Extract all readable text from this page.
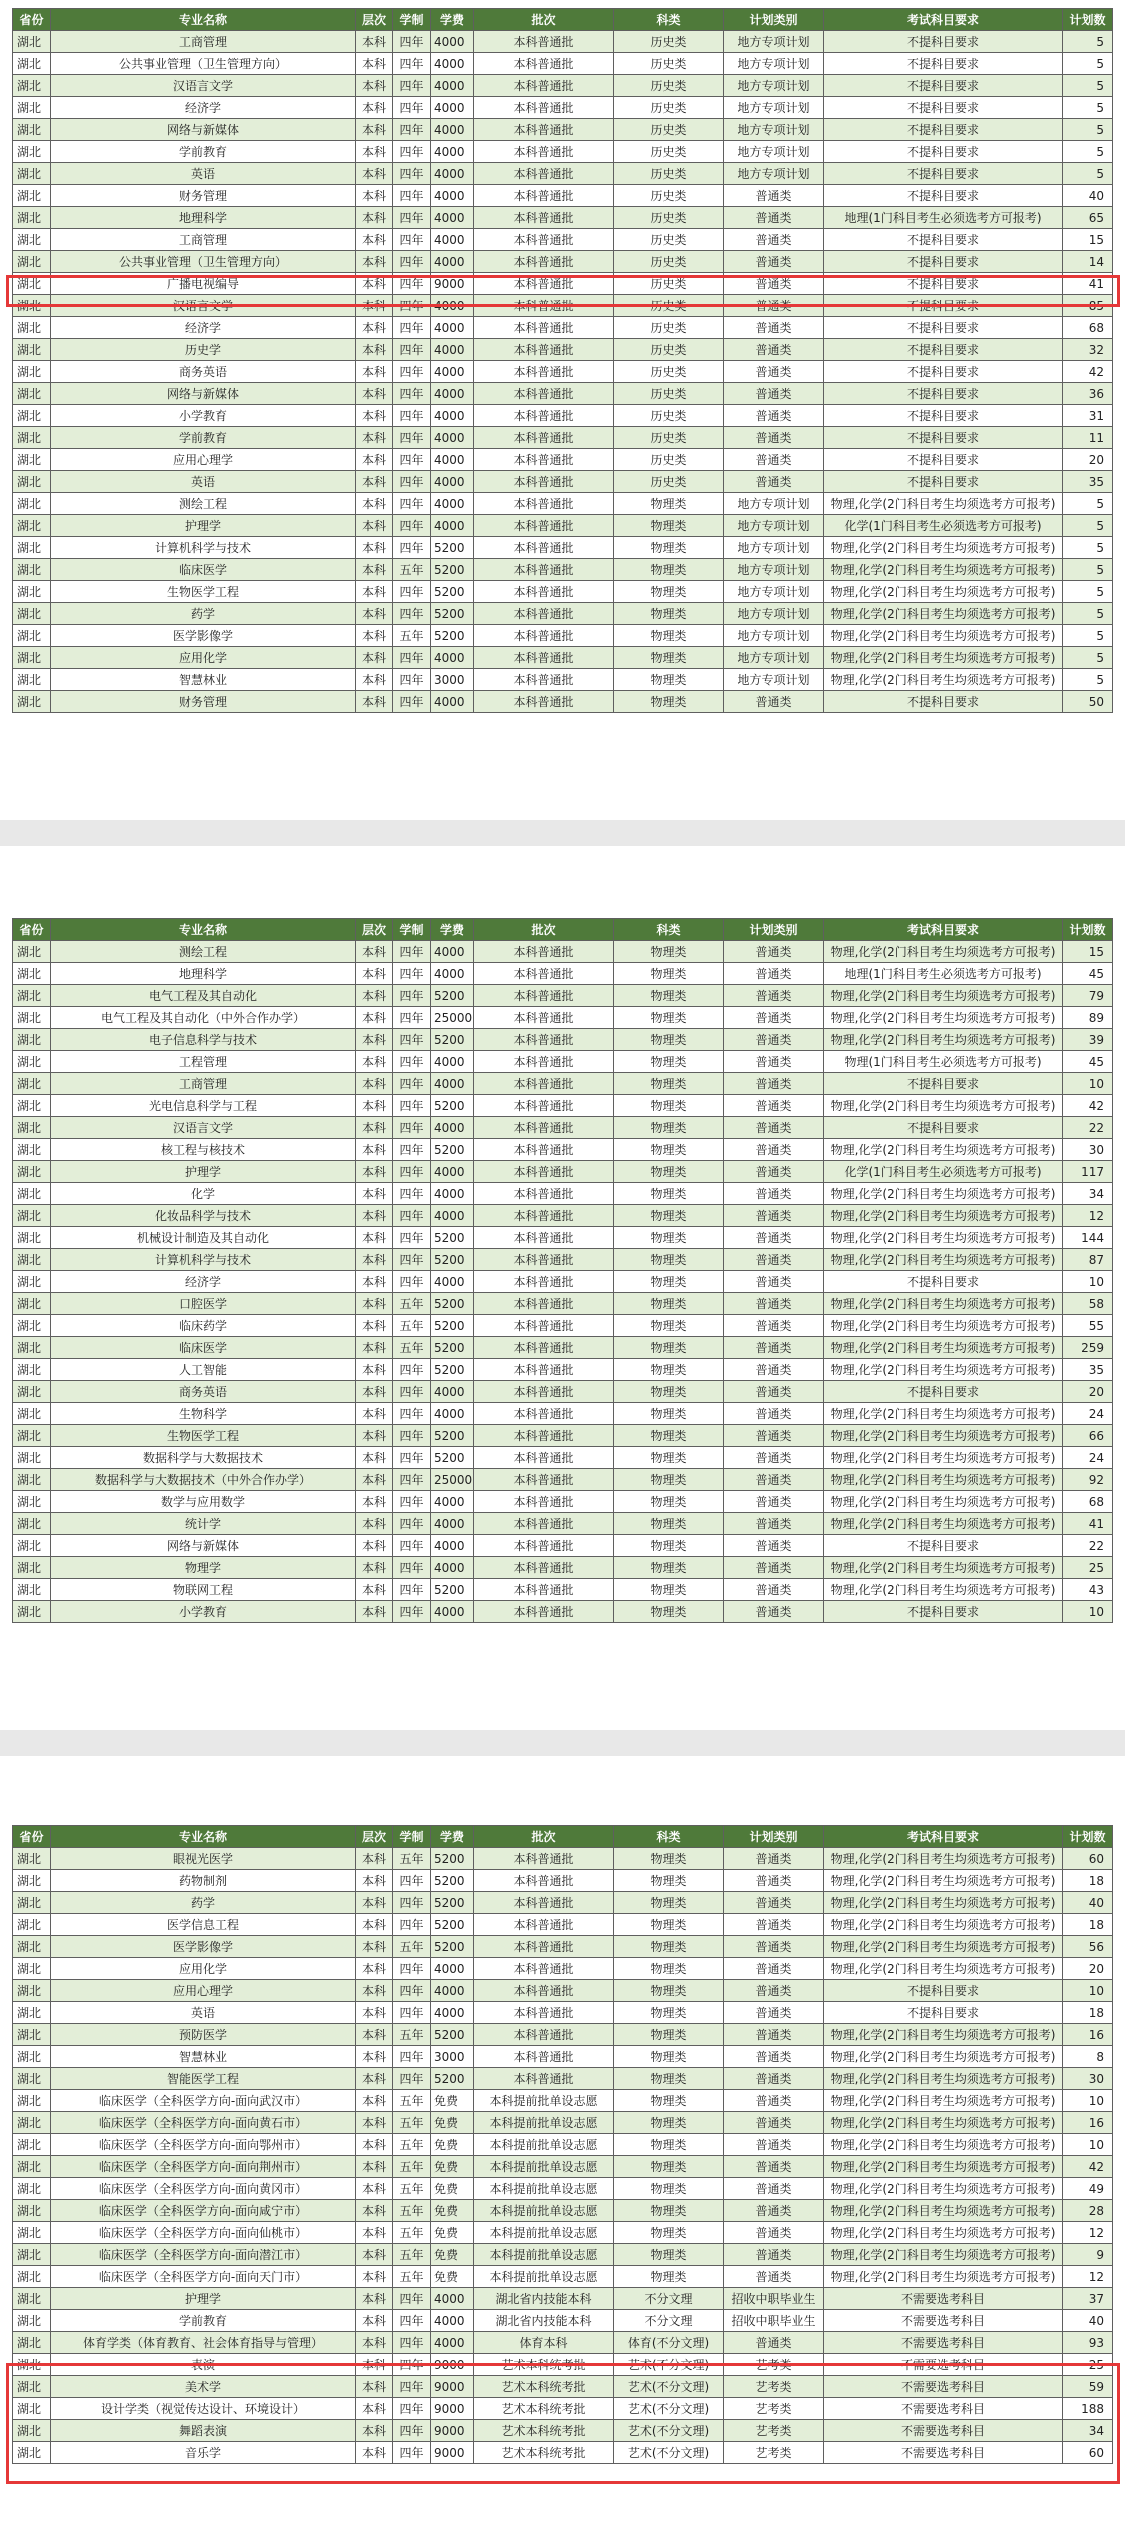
省份	专业名称	层次	学制	学费	批次	科类	计划类别	考试科目要求	计划数
湖北	工商管理	本科	四年	4000	本科普通批	历史类	地方专项计划	不提科目要求	5
湖北	公共事业管理（卫生管理方向）	本科	四年	4000	本科普通批	历史类	地方专项计划	不提科目要求	5
湖北	汉语言文学	本科	四年	4000	本科普通批	历史类	地方专项计划	不提科目要求	5
湖北	经济学	本科	四年	4000	本科普通批	历史类	地方专项计划	不提科目要求	5
湖北	网络与新媒体	本科	四年	4000	本科普通批	历史类	地方专项计划	不提科目要求	5
湖北	学前教育	本科	四年	4000	本科普通批	历史类	地方专项计划	不提科目要求	5
湖北	英语	本科	四年	4000	本科普通批	历史类	地方专项计划	不提科目要求	5
湖北	财务管理	本科	四年	4000	本科普通批	历史类	普通类	不提科目要求	40
湖北	地理科学	本科	四年	4000	本科普通批	历史类	普通类	地理(1门科目考生必须选考方可报考)	65
湖北	工商管理	本科	四年	4000	本科普通批	历史类	普通类	不提科目要求	15
湖北	公共事业管理（卫生管理方向）	本科	四年	4000	本科普通批	历史类	普通类	不提科目要求	14
湖北	广播电视编导	本科	四年	9000	本科普通批	历史类	普通类	不提科目要求	41
湖北	汉语言文学	本科	四年	4000	本科普通批	历史类	普通类	不提科目要求	85
湖北	经济学	本科	四年	4000	本科普通批	历史类	普通类	不提科目要求	68
湖北	历史学	本科	四年	4000	本科普通批	历史类	普通类	不提科目要求	32
湖北	商务英语	本科	四年	4000	本科普通批	历史类	普通类	不提科目要求	42
湖北	网络与新媒体	本科	四年	4000	本科普通批	历史类	普通类	不提科目要求	36
湖北	小学教育	本科	四年	4000	本科普通批	历史类	普通类	不提科目要求	31
湖北	学前教育	本科	四年	4000	本科普通批	历史类	普通类	不提科目要求	11
湖北	应用心理学	本科	四年	4000	本科普通批	历史类	普通类	不提科目要求	20
湖北	英语	本科	四年	4000	本科普通批	历史类	普通类	不提科目要求	35
湖北	测绘工程	本科	四年	4000	本科普通批	物理类	地方专项计划	物理,化学(2门科目考生均须选考方可报考)	5
湖北	护理学	本科	四年	4000	本科普通批	物理类	地方专项计划	化学(1门科目考生必须选考方可报考)	5
湖北	计算机科学与技术	本科	四年	5200	本科普通批	物理类	地方专项计划	物理,化学(2门科目考生均须选考方可报考)	5
湖北	临床医学	本科	五年	5200	本科普通批	物理类	地方专项计划	物理,化学(2门科目考生均须选考方可报考)	5
湖北	生物医学工程	本科	四年	5200	本科普通批	物理类	地方专项计划	物理,化学(2门科目考生均须选考方可报考)	5
湖北	药学	本科	四年	5200	本科普通批	物理类	地方专项计划	物理,化学(2门科目考生均须选考方可报考)	5
湖北	医学影像学	本科	五年	5200	本科普通批	物理类	地方专项计划	物理,化学(2门科目考生均须选考方可报考)	5
湖北	应用化学	本科	四年	4000	本科普通批	物理类	地方专项计划	物理,化学(2门科目考生均须选考方可报考)	5
湖北	智慧林业	本科	四年	3000	本科普通批	物理类	地方专项计划	物理,化学(2门科目考生均须选考方可报考)	5
湖北	财务管理	本科	四年	4000	本科普通批	物理类	普通类	不提科目要求	50
省份	专业名称	层次	学制	学费	批次	科类	计划类别	考试科目要求	计划数
湖北	测绘工程	本科	四年	4000	本科普通批	物理类	普通类	物理,化学(2门科目考生均须选考方可报考)	15
湖北	地理科学	本科	四年	4000	本科普通批	物理类	普通类	地理(1门科目考生必须选考方可报考)	45
湖北	电气工程及其自动化	本科	四年	5200	本科普通批	物理类	普通类	物理,化学(2门科目考生均须选考方可报考)	79
湖北	电气工程及其自动化（中外合作办学）	本科	四年	25000	本科普通批	物理类	普通类	物理,化学(2门科目考生均须选考方可报考)	89
湖北	电子信息科学与技术	本科	四年	5200	本科普通批	物理类	普通类	物理,化学(2门科目考生均须选考方可报考)	39
湖北	工程管理	本科	四年	4000	本科普通批	物理类	普通类	物理(1门科目考生必须选考方可报考)	45
湖北	工商管理	本科	四年	4000	本科普通批	物理类	普通类	不提科目要求	10
湖北	光电信息科学与工程	本科	四年	5200	本科普通批	物理类	普通类	物理,化学(2门科目考生均须选考方可报考)	42
湖北	汉语言文学	本科	四年	4000	本科普通批	物理类	普通类	不提科目要求	22
湖北	核工程与核技术	本科	四年	5200	本科普通批	物理类	普通类	物理,化学(2门科目考生均须选考方可报考)	30
湖北	护理学	本科	四年	4000	本科普通批	物理类	普通类	化学(1门科目考生必须选考方可报考)	117
湖北	化学	本科	四年	4000	本科普通批	物理类	普通类	物理,化学(2门科目考生均须选考方可报考)	34
湖北	化妆品科学与技术	本科	四年	4000	本科普通批	物理类	普通类	物理,化学(2门科目考生均须选考方可报考)	12
湖北	机械设计制造及其自动化	本科	四年	5200	本科普通批	物理类	普通类	物理,化学(2门科目考生均须选考方可报考)	144
湖北	计算机科学与技术	本科	四年	5200	本科普通批	物理类	普通类	物理,化学(2门科目考生均须选考方可报考)	87
湖北	经济学	本科	四年	4000	本科普通批	物理类	普通类	不提科目要求	10
湖北	口腔医学	本科	五年	5200	本科普通批	物理类	普通类	物理,化学(2门科目考生均须选考方可报考)	58
湖北	临床药学	本科	五年	5200	本科普通批	物理类	普通类	物理,化学(2门科目考生均须选考方可报考)	55
湖北	临床医学	本科	五年	5200	本科普通批	物理类	普通类	物理,化学(2门科目考生均须选考方可报考)	259
湖北	人工智能	本科	四年	5200	本科普通批	物理类	普通类	物理,化学(2门科目考生均须选考方可报考)	35
湖北	商务英语	本科	四年	4000	本科普通批	物理类	普通类	不提科目要求	20
湖北	生物科学	本科	四年	4000	本科普通批	物理类	普通类	物理,化学(2门科目考生均须选考方可报考)	24
湖北	生物医学工程	本科	四年	5200	本科普通批	物理类	普通类	物理,化学(2门科目考生均须选考方可报考)	66
湖北	数据科学与大数据技术	本科	四年	5200	本科普通批	物理类	普通类	物理,化学(2门科目考生均须选考方可报考)	24
湖北	数据科学与大数据技术（中外合作办学）	本科	四年	25000	本科普通批	物理类	普通类	物理,化学(2门科目考生均须选考方可报考)	92
湖北	数学与应用数学	本科	四年	4000	本科普通批	物理类	普通类	物理,化学(2门科目考生均须选考方可报考)	68
湖北	统计学	本科	四年	4000	本科普通批	物理类	普通类	物理,化学(2门科目考生均须选考方可报考)	41
湖北	网络与新媒体	本科	四年	4000	本科普通批	物理类	普通类	不提科目要求	22
湖北	物理学	本科	四年	4000	本科普通批	物理类	普通类	物理,化学(2门科目考生均须选考方可报考)	25
湖北	物联网工程	本科	四年	5200	本科普通批	物理类	普通类	物理,化学(2门科目考生均须选考方可报考)	43
湖北	小学教育	本科	四年	4000	本科普通批	物理类	普通类	不提科目要求	10
省份	专业名称	层次	学制	学费	批次	科类	计划类别	考试科目要求	计划数
湖北	眼视光医学	本科	五年	5200	本科普通批	物理类	普通类	物理,化学(2门科目考生均须选考方可报考)	60
湖北	药物制剂	本科	四年	5200	本科普通批	物理类	普通类	物理,化学(2门科目考生均须选考方可报考)	18
湖北	药学	本科	四年	5200	本科普通批	物理类	普通类	物理,化学(2门科目考生均须选考方可报考)	40
湖北	医学信息工程	本科	四年	5200	本科普通批	物理类	普通类	物理,化学(2门科目考生均须选考方可报考)	18
湖北	医学影像学	本科	五年	5200	本科普通批	物理类	普通类	物理,化学(2门科目考生均须选考方可报考)	56
湖北	应用化学	本科	四年	4000	本科普通批	物理类	普通类	物理,化学(2门科目考生均须选考方可报考)	20
湖北	应用心理学	本科	四年	4000	本科普通批	物理类	普通类	不提科目要求	10
湖北	英语	本科	四年	4000	本科普通批	物理类	普通类	不提科目要求	18
湖北	预防医学	本科	五年	5200	本科普通批	物理类	普通类	物理,化学(2门科目考生均须选考方可报考)	16
湖北	智慧林业	本科	四年	3000	本科普通批	物理类	普通类	物理,化学(2门科目考生均须选考方可报考)	8
湖北	智能医学工程	本科	四年	5200	本科普通批	物理类	普通类	物理,化学(2门科目考生均须选考方可报考)	30
湖北	临床医学（全科医学方向-面向武汉市）	本科	五年	免费	本科提前批单设志愿	物理类	普通类	物理,化学(2门科目考生均须选考方可报考)	10
湖北	临床医学（全科医学方向-面向黄石市）	本科	五年	免费	本科提前批单设志愿	物理类	普通类	物理,化学(2门科目考生均须选考方可报考)	16
湖北	临床医学（全科医学方向-面向鄂州市）	本科	五年	免费	本科提前批单设志愿	物理类	普通类	物理,化学(2门科目考生均须选考方可报考)	10
湖北	临床医学（全科医学方向-面向荆州市）	本科	五年	免费	本科提前批单设志愿	物理类	普通类	物理,化学(2门科目考生均须选考方可报考)	42
湖北	临床医学（全科医学方向-面向黄冈市）	本科	五年	免费	本科提前批单设志愿	物理类	普通类	物理,化学(2门科目考生均须选考方可报考)	49
湖北	临床医学（全科医学方向-面向咸宁市）	本科	五年	免费	本科提前批单设志愿	物理类	普通类	物理,化学(2门科目考生均须选考方可报考)	28
湖北	临床医学（全科医学方向-面向仙桃市）	本科	五年	免费	本科提前批单设志愿	物理类	普通类	物理,化学(2门科目考生均须选考方可报考)	12
湖北	临床医学（全科医学方向-面向潜江市）	本科	五年	免费	本科提前批单设志愿	物理类	普通类	物理,化学(2门科目考生均须选考方可报考)	9
湖北	临床医学（全科医学方向-面向天门市）	本科	五年	免费	本科提前批单设志愿	物理类	普通类	物理,化学(2门科目考生均须选考方可报考)	12
湖北	护理学	本科	四年	4000	湖北省内技能本科	不分文理	招收中职毕业生	不需要选考科目	37
湖北	学前教育	本科	四年	4000	湖北省内技能本科	不分文理	招收中职毕业生	不需要选考科目	40
湖北	体育学类（体育教育、社会体育指导与管理）	本科	四年	4000	体育本科	体育(不分文理)	普通类	不需要选考科目	93
湖北	表演	本科	四年	9000	艺术本科统考批	艺术(不分文理)	艺考类	不需要选考科目	25
湖北	美术学	本科	四年	9000	艺术本科统考批	艺术(不分文理)	艺考类	不需要选考科目	59
湖北	设计学类（视觉传达设计、环境设计）	本科	四年	9000	艺术本科统考批	艺术(不分文理)	艺考类	不需要选考科目	188
湖北	舞蹈表演	本科	四年	9000	艺术本科统考批	艺术(不分文理)	艺考类	不需要选考科目	34
湖北	音乐学	本科	四年	9000	艺术本科统考批	艺术(不分文理)	艺考类	不需要选考科目	60
